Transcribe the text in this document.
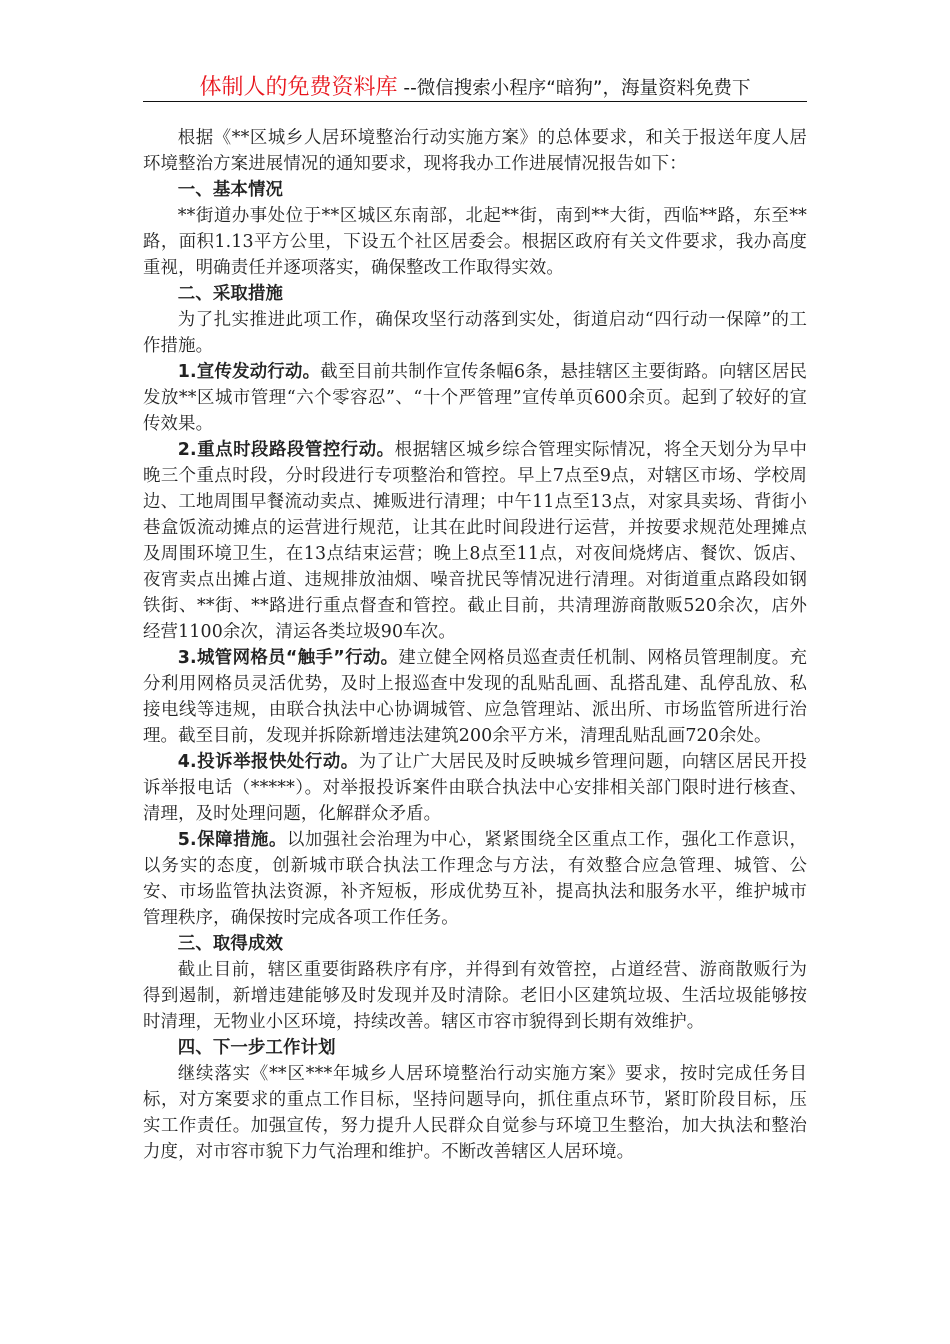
体制人的免费资料库 --微信搜索小程序“暗狗”，海量资料免费下

根据《**区城乡人居环境整治行动实施方案》的总体要求，和关于报送年度人居环境整治方案进展情况的通知要求，现将我办工作进展情况报告如下：

一、基本情况

**街道办事处位于**区城区东南部，北起**街，南到**大街，西临**路，东至**路，面积1.13平方公里，下设五个社区居委会。根据区政府有关文件要求，我办高度重视，明确责任并逐项落实，确保整改工作取得实效。

二、采取措施

为了扎实推进此项工作，确保攻坚行动落到实处，街道启动“四行动一保障”的工作措施。

1.宣传发动行动。截至目前共制作宣传条幅6条，悬挂辖区主要街路。向辖区居民发放**区城市管理“六个零容忍”、“十个严管理”宣传单页600余页。起到了较好的宣传效果。

2.重点时段路段管控行动。根据辖区城乡综合管理实际情况，将全天划分为早中晚三个重点时段，分时段进行专项整治和管控。早上7点至9点，对辖区市场、学校周边、工地周围早餐流动卖点、摊贩进行清理；中午11点至13点，对家具卖场、背街小巷盒饭流动摊点的运营进行规范，让其在此时间段进行运营，并按要求规范处理摊点及周围环境卫生，在13点结束运营；晚上8点至11点，对夜间烧烤店、餐饮、饭店、夜宵卖点出摊占道、违规排放油烟、噪音扰民等情况进行清理。对街道重点路段如钢铁街、**街、**路进行重点督查和管控。截止目前，共清理游商散贩520余次，店外经营1100余次，清运各类垃圾90车次。

3.城管网格员“触手”行动。建立健全网格员巡查责任机制、网格员管理制度。充分利用网格员灵活优势，及时上报巡查中发现的乱贴乱画、乱搭乱建、乱停乱放、私接电线等违规，由联合执法中心协调城管、应急管理站、派出所、市场监管所进行治理。截至目前，发现并拆除新增违法建筑200余平方米，清理乱贴乱画720余处。

4.投诉举报快处行动。为了让广大居民及时反映城乡管理问题，向辖区居民开投诉举报电话（*****）。对举报投诉案件由联合执法中心安排相关部门限时进行核查、清理，及时处理问题，化解群众矛盾。

5.保障措施。以加强社会治理为中心，紧紧围绕全区重点工作，强化工作意识，以务实的态度，创新城市联合执法工作理念与方法，有效整合应急管理、城管、公安、市场监管执法资源，补齐短板，形成优势互补，提高执法和服务水平，维护城市管理秩序，确保按时完成各项工作任务。

三、取得成效

截止目前，辖区重要街路秩序有序，并得到有效管控，占道经营、游商散贩行为得到遏制，新增违建能够及时发现并及时清除。老旧小区建筑垃圾、生活垃圾能够按时清理，无物业小区环境，持续改善。辖区市容市貌得到长期有效维护。

四、下一步工作计划

继续落实《**区***年城乡人居环境整治行动实施方案》要求，按时完成任务目标，对方案要求的重点工作目标，坚持问题导向，抓住重点环节，紧盯阶段目标，压实工作责任。加强宣传，努力提升人民群众自觉参与环境卫生整治，加大执法和整治力度，对市容市貌下力气治理和维护。不断改善辖区人居环境。
